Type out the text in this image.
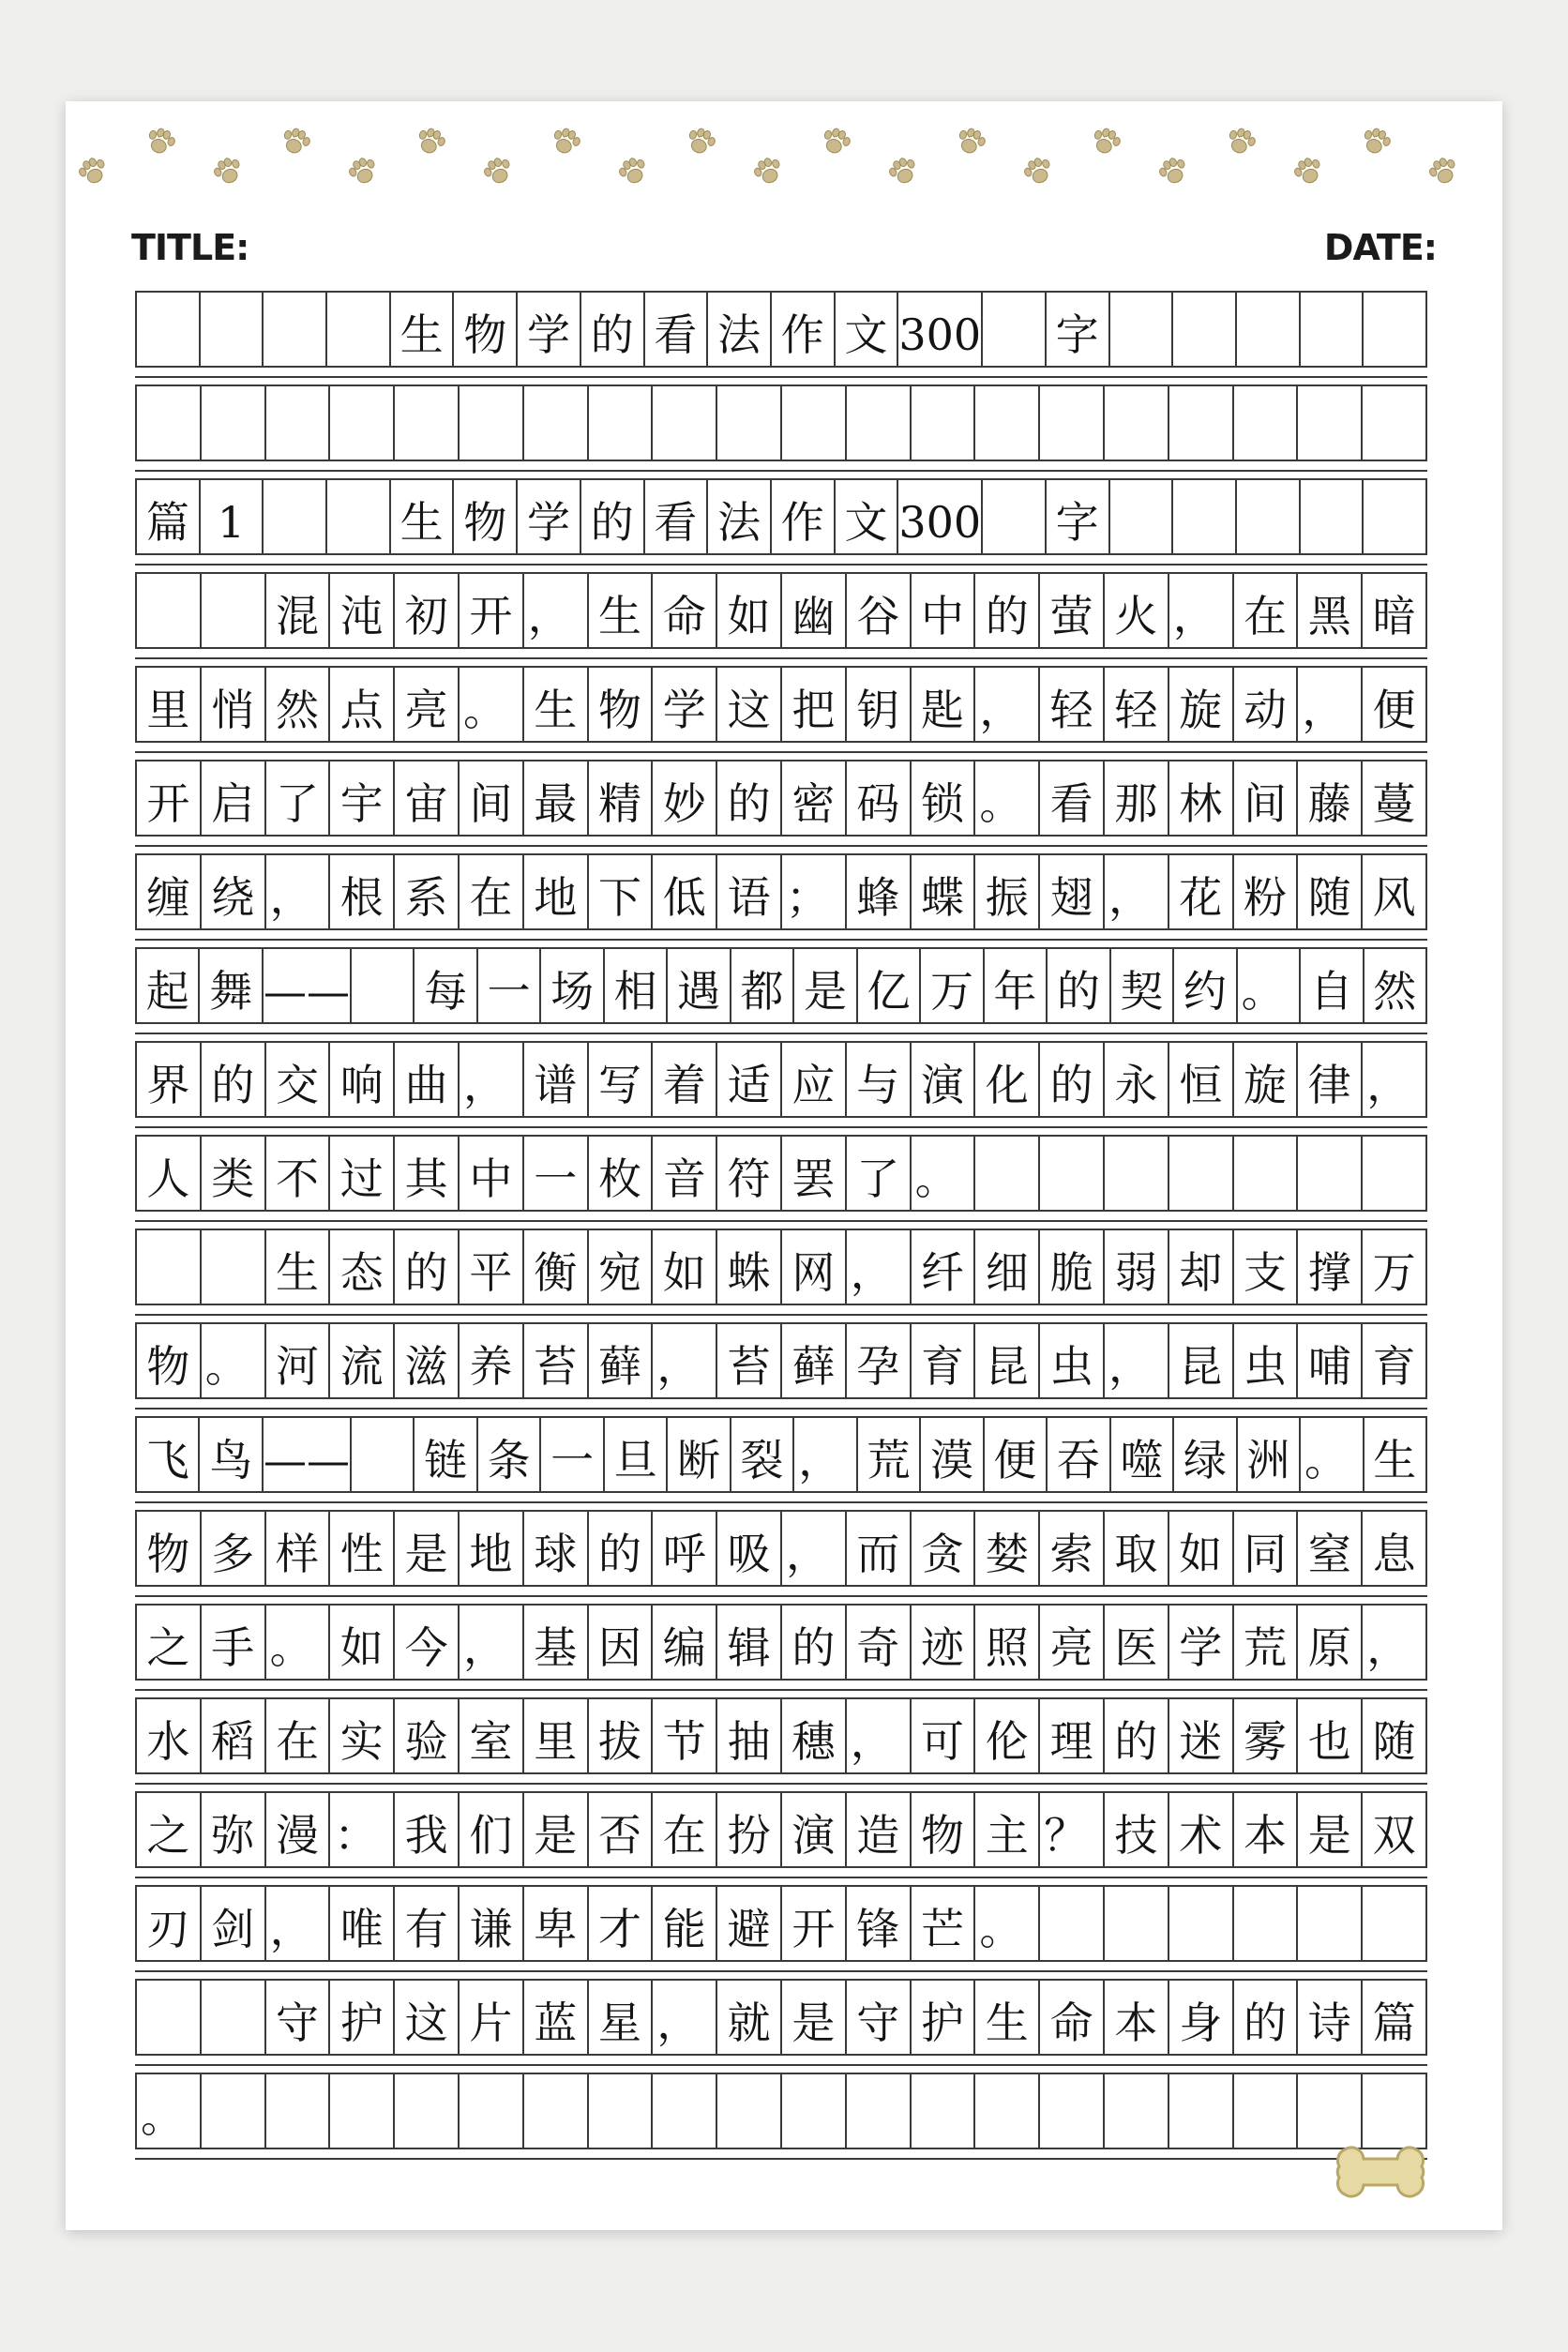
TITLE:	DATE:
生 物 学 的 看 法 作 文 300 字
篇 1	生 物 学 的 看 法 作 文 300 字
混 沌 初 开 ， 生 命 如 幽 谷 中 的 萤 火 ， 在 黑 暗
里 悄 然 点 亮 。 生 物 学 这 把 钥 匙 ， 轻 轻 旋 动 ， 便
开 启 了 宇 宙 间 最 精 妙 的 密 码 锁 。 看 那 林 间 藤 蔓
缠 绕 ， 根 系 在 地 下 低 语 ； 蜂 蝶 振 翅 ， 花 粉 随 风
起 舞 —— 每 一 场 相 遇 都 是 亿 万 年 的 契 约 。 自 然
界 的 交 响 曲 ， 谱 写 着 适 应 与 演 化 的 永 恒 旋 律 ，
人 类 不 过 其 中 一 枚 音 符 罢 了 。
生 态 的 平 衡 宛 如 蛛 网 ， 纤 细 脆 弱 却 支 撑 万
物 。 河 流 滋 养 苔 藓 ， 苔 藓 孕 育 昆 虫 ， 昆 虫 哺 育
飞 鸟 —— 链 条 一 旦 断 裂 ， 荒 漠 便 吞 噬 绿 洲 。 生
物 多 样 性 是 地 球 的 呼 吸 ， 而 贪 婪 索 取 如 同 窒 息
之 手 。 如 今 ， 基 因 编 辑 的 奇 迹 照 亮 医 学 荒 原 ，
水 稻 在 实 验 室 里 拔 节 抽 穗 ， 可 伦 理 的 迷 雾 也 随
之 弥 漫 ： 我 们 是 否 在 扮 演 造 物 主 ？ 技 术 本 是 双
刃 剑 ， 唯 有 谦 卑 才 能 避 开 锋 芒 。
守 护 这 片 蓝 星 ， 就 是 守 护 生 命 本 身 的 诗 篇
。
